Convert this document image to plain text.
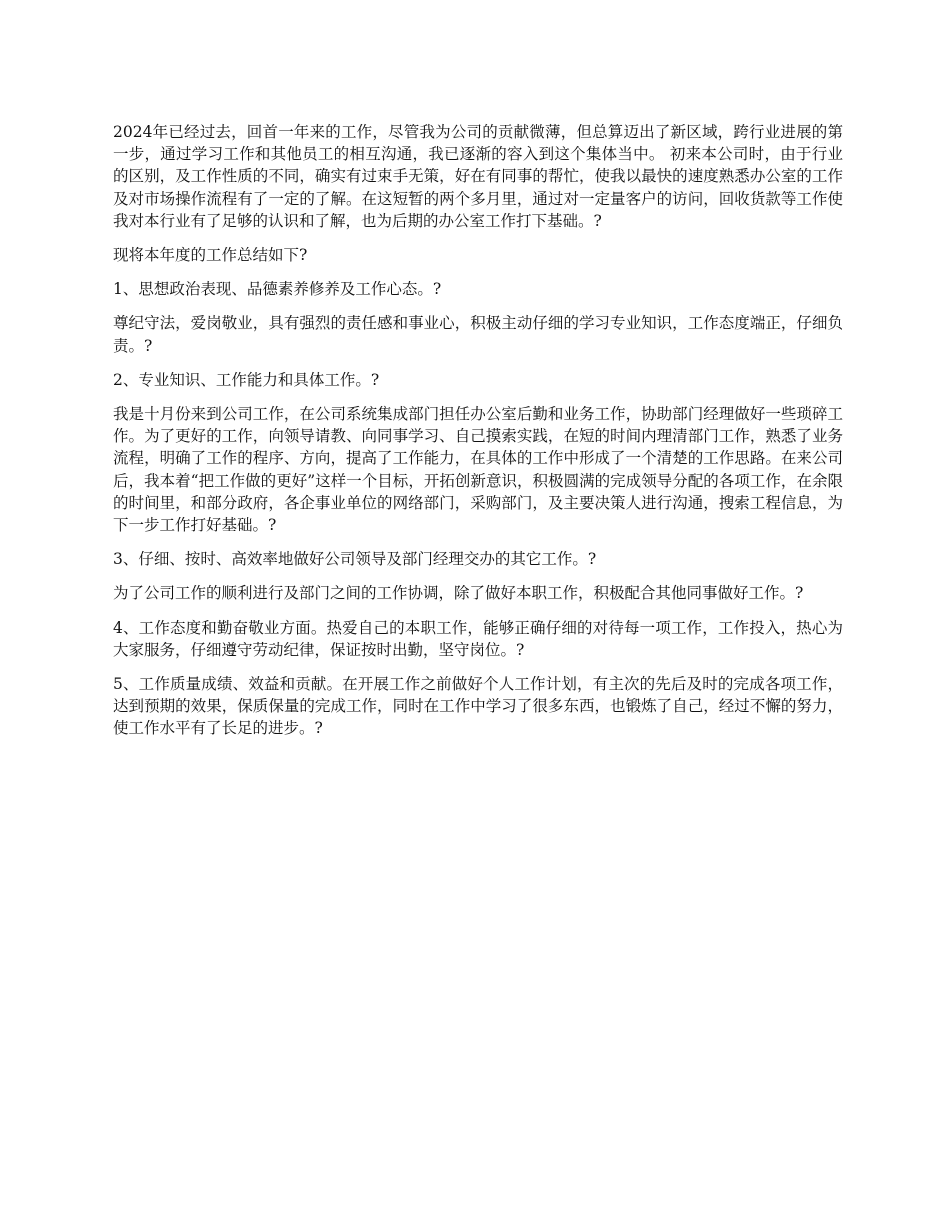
2024年已经过去，回首一年来的工作，尽管我为公司的贡献微薄，但总算迈出了新区域，跨行业进展的第一步，通过学习工作和其他员工的相互沟通，我已逐渐的容入到这个集体当中。 初来本公司时，由于行业的区别，及工作性质的不同，确实有过束手无策，好在有同事的帮忙，使我以最快的速度熟悉办公室的工作及对市场操作流程有了一定的了解。在这短暂的两个多月里，通过对一定量客户的访问，回收货款等工作使我对本行业有了足够的认识和了解，也为后期的办公室工作打下基础。?

现将本年度的工作总结如下?

1、思想政治表现、品德素养修养及工作心态。?

尊纪守法，爱岗敬业，具有强烈的责任感和事业心，积极主动仔细的学习专业知识，工作态度端正，仔细负责。?

2、专业知识、工作能力和具体工作。?

我是十月份来到公司工作，在公司系统集成部门担任办公室后勤和业务工作，协助部门经理做好一些琐碎工作。为了更好的工作，向领导请教、向同事学习、自己摸索实践，在短的时间内理清部门工作，熟悉了业务流程，明确了工作的程序、方向，提高了工作能力，在具体的工作中形成了一个清楚的工作思路。在来公司后，我本着“把工作做的更好”这样一个目标，开拓创新意识，积极圆满的完成领导分配的各项工作，在余限的时间里，和部分政府，各企事业单位的网络部门，采购部门，及主要决策人进行沟通，搜索工程信息，为下一步工作打好基础。?

3、仔细、按时、高效率地做好公司领导及部门经理交办的其它工作。?

为了公司工作的顺利进行及部门之间的工作协调，除了做好本职工作，积极配合其他同事做好工作。?

4、工作态度和勤奋敬业方面。热爱自己的本职工作，能够正确仔细的对待每一项工作，工作投入，热心为大家服务，仔细遵守劳动纪律，保证按时出勤，坚守岗位。?

5、工作质量成绩、效益和贡献。在开展工作之前做好个人工作计划，有主次的先后及时的完成各项工作，达到预期的效果，保质保量的完成工作，同时在工作中学习了很多东西，也锻炼了自己，经过不懈的努力，使工作水平有了长足的进步。?
